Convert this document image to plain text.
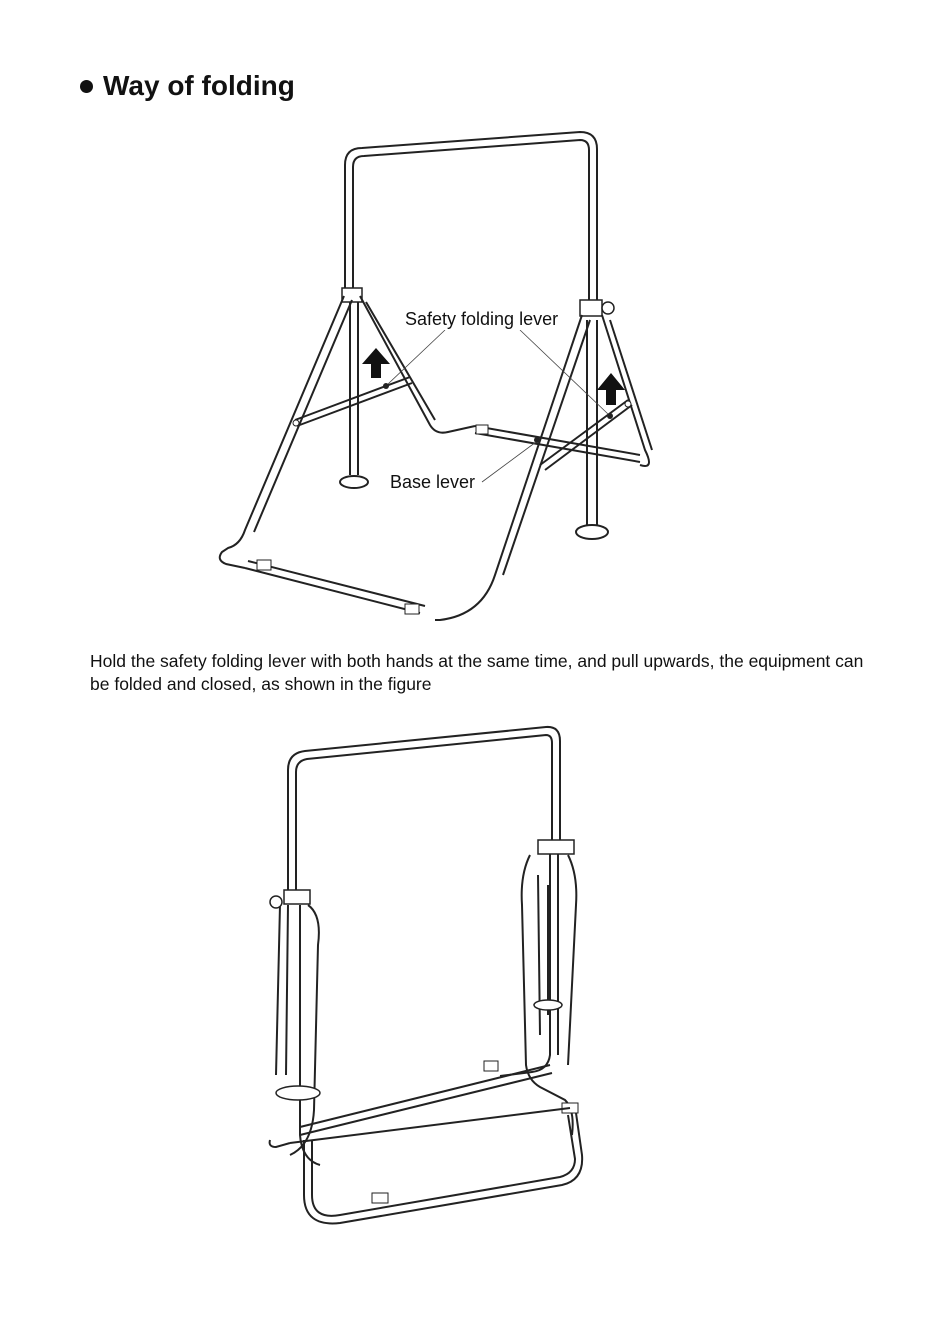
Way of folding
Safety folding lever
Base lever
Hold the safety folding lever with both hands at the same time, and pull upwards, the equipment can be folded and closed, as shown in the figure
